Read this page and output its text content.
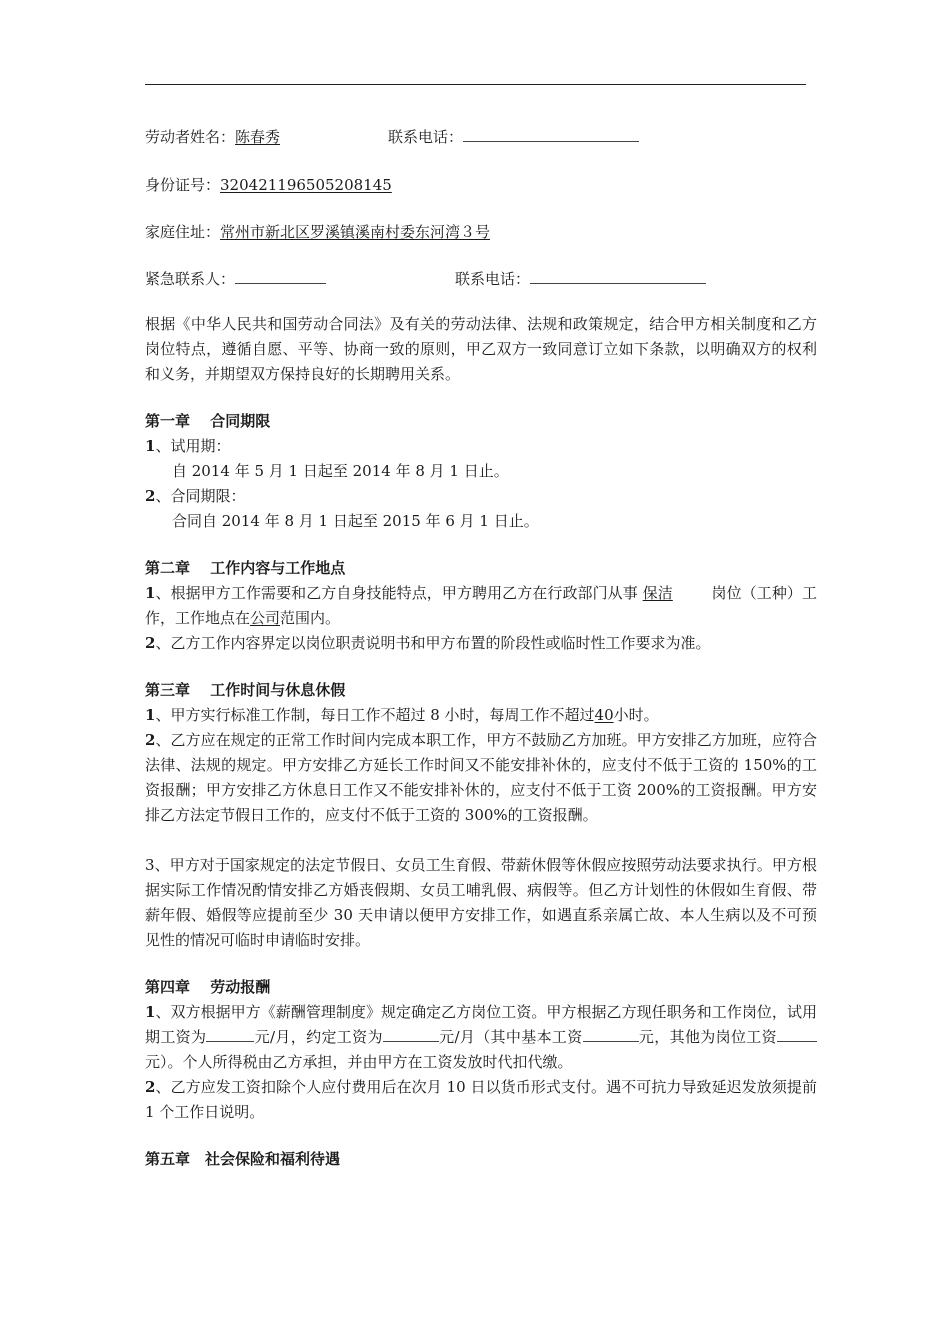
劳动者姓名：陈春秀	联系电话：
身份证号：320421196505208145
家庭住址：常州市新北区罗溪镇溪南村委东河湾３号
紧急联系人：	联系电话：

根据《中华人民共和国劳动合同法》及有关的劳动法律、法规和政策规定，结合甲方相关制度和乙方岗位特点，遵循自愿、平等、协商一致的原则，甲乙双方一致同意订立如下条款，以明确双方的权利和义务，并期望双方保持良好的长期聘用关系。

第一章　 合同期限

1、试用期：

自 2014 年 5 月 1 日起至 2014 年 8 月 1 日止。

2、合同期限：

合同自 2014 年 8 月 1 日起至 2015 年 6 月 1 日止。

第二章　 工作内容与工作地点

1、根据甲方工作需要和乙方自身技能特点，甲方聘用乙方在行政部门从事 保洁	岗位（工种）工作，工作地点在公司范围内。

2、乙方工作内容界定以岗位职责说明书和甲方布置的阶段性或临时性工作要求为准。

第三章　 工作时间与休息休假

1、甲方实行标准工作制，每日工作不超过 8 小时，每周工作不超过40小时。

2、乙方应在规定的正常工作时间内完成本职工作，甲方不鼓励乙方加班。甲方安排乙方加班，应符合法律、法规的规定。甲方安排乙方延长工作时间又不能安排补休的，应支付不低于工资的 150%的工资报酬；甲方安排乙方休息日工作又不能安排补休的，应支付不低于工资 200%的工资报酬。甲方安排乙方法定节假日工作的，应支付不低于工资的 300%的工资报酬。

3、甲方对于国家规定的法定节假日、女员工生育假、带薪休假等休假应按照劳动法要求执行。甲方根据实际工作情况酌情安排乙方婚丧假期、女员工哺乳假、病假等。但乙方计划性的休假如生育假、带薪年假、婚假等应提前至少 30 天申请以便甲方安排工作，如遇直系亲属亡故、本人生病以及不可预见性的情况可临时申请临时安排。

第四章　 劳动报酬

1、双方根据甲方《薪酬管理制度》规定确定乙方岗位工资。甲方根据乙方现任职务和工作岗位，试用期工资为	元/月，约定工资为	元/月（其中基本工资	元，其他为岗位工资元）。个人所得税由乙方承担，并由甲方在工资发放时代扣代缴。

2、乙方应发工资扣除个人应付费用后在次月 10 日以货币形式支付。遇不可抗力导致延迟发放须提前 1 个工作日说明。

第五章　社会保险和福利待遇
